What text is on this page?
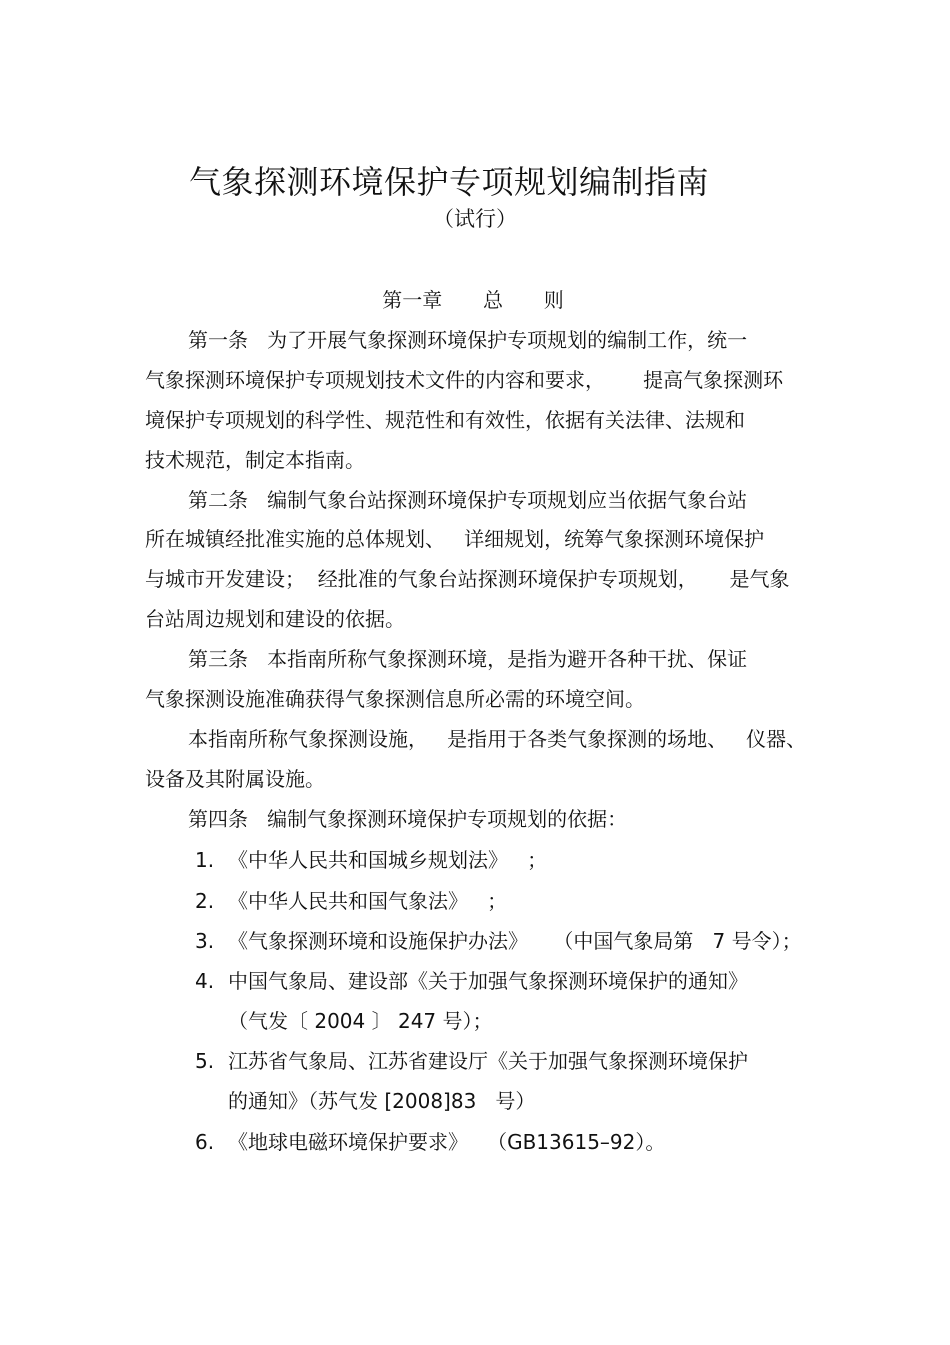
气象探测环境保护专项规划编制指南
（试行）
第一章  总  则
第一条   为了开展气象探测环境保护专项规划的编制工作，统一
气象探测环境保护专项规划技术文件的内容和要求，      提高气象探测环
境保护专项规划的科学性、规范性和有效性，依据有关法律、法规和
技术规范，制定本指南。
第二条   编制气象台站探测环境保护专项规划应当依据气象台站
所在城镇经批准实施的总体规划、   详细规划，统筹气象探测环境保护
与城市开发建设；  经批准的气象台站探测环境保护专项规划，     是气象
台站周边规划和建设的依据。
第三条   本指南所称气象探测环境，是指为避开各种干扰、保证
气象探测设施准确获得气象探测信息所必需的环境空间。
本指南所称气象探测设施，   是指用于各类气象探测的场地、   仪器、
设备及其附属设施。
第四条   编制气象探测环境保护专项规划的依据：
1. 《中华人民共和国城乡规划法》   ；
2. 《中华人民共和国气象法》   ；
3. 《气象探测环境和设施保护办法》    （中国气象局第   7 号令）；
4. 中国气象局、建设部《关于加强气象探测环境保护的通知》
（气发〔 2004 〕 247 号）；
5. 江苏省气象局、江苏省建设厅《关于加强气象探测环境保护
的通知》（苏气发 [2008]83   号）
6. 《地球电磁环境保护要求》   （GB13615–92）。
